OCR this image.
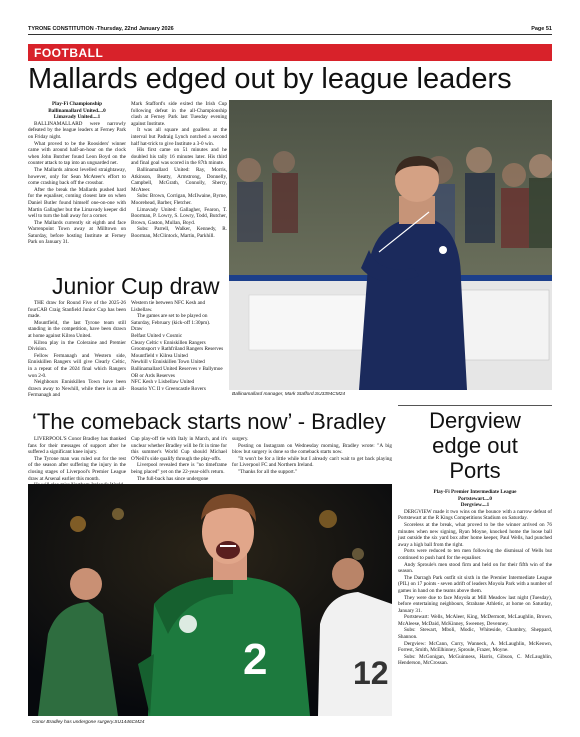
TYRONE CONSTITUTION -Thursday, 22nd January 2026	Page 51
FOOTBALL
Mallards edged out by league leaders

Play-Fi Championship

Ballinamallard United....0

Limavady United....1

BALLINAMALLARD were narrowly defeated by the league leaders at Ferney Park on Friday night.

What proved to be the Roosiders' winner came with around half-an-hour on the clock when John Butcher found Leon Boyd on the counter attack to tap into an unguarded net.

The Mallards almost levelled straightaway, however, only for Sean McAteer's effort to come crashing back off the crossbar.

After the break the Mallards pushed hard for the equaliser, coming closest late on when Daniel Butler found himself one-on-one with Martin Gallagher but the Limavady keeper did well to turn the ball away for a corner.

The Mallards currently sit eighth and face Warrenpoint Town away at Milltown on Saturday, before hosting Institute at Ferney Park on January 31.

Mark Stafford's side exited the Irish Cup following defeat in the all-Championship clash at Ferney Park last Tuesday evening against Institute.

It was all square and goalless at the interval but Padraig Lynch notched a second half hat-trick to give Institute a 3-0 win.

His first came on 51 minutes and he doubled his tally 16 minutes later. His third and final goal was scored in the 87th minute.

Ballinamallard United: Ray, Morris, Atkinson, Beatty, Armstrong, Donnelly, Campbell, McGrath, Connolly, Sherry, McAteer.

Subs: Brown, Corrigan, McIlwaine, Byrne, Moorehead, Barber, Fletcher.

Limavady United: Gallagher, Fearon, T. Boorman, P. Lowry, S. Lowry, Todd, Butcher, Brown, Gaston, Mullan, Boyd.

Subs: Parrell, Walker, Kennedy, R. Boorman, McClintock, Martin, Parkhill.

Ballinamallard manager, Mark Stafford.SU3394CM24
Junior Cup draw

THE draw for Round Five of the 2025-26 fourCAB Craig Stanfield Junior Cup has been made.

Mountfield, the last Tyrone team still standing in the competition, have been drawn at home against Kilrea United.

Kilrea play in the Coleraine and Premier Division.

Fellow Fermanagh and Western side, Enniskillen Rangers will give Clearly Celtic, in a repeat of the 2024 final which Rangers won 2-0.

Neighbours Enniskillen Town have been drawn away to Newhill, while there is an all-Fermanagh and

Western tie between NFC Kesh and Lisbellaw.

The games are set to be played on Saturday, February (kick-off 1:30pm).

Draw

Belfast United v Cosmic

Cleary Celtic v Enniskillen Rangers

Groomsport v Rathfriland Rangers Reserves

Mountfield v Kilrea United

Newhill v Enniskillen Town United

Ballinamallard United Reserves v Ballymoe OB or Ards Reserves

NFC Kesh v Lisbellaw United

Rosario YC II v Greencastle Rovers

‘The comeback starts now’ - Bradley

LIVERPOOL'S Conor Bradley has thanked fans for their messages of support after he suffered a significant knee injury.

The Tyrone man was ruled out for the rest of the season after suffering the injury in the closing stages of Liverpool's Premier League draw at Arsenal earlier this month.

Cup play-off tie with Italy in March, and it's unclear whether Bradley will be fit in time for this summer's World Cup should Michael O'Neill's side qualify through the play-offs.

Liverpool revealed there is "no timeframe being placed" yet on the 22-year-old's return.

The full-back has since undergone

surgery.

Posting on Instagram on Wednesday morning, Bradley wrote: "A big blow but surgery is done so the comeback starts now.

"It won't be for a little while but I already can't wait to get back playing for Liverpool FC and Northern Ireland.

"Thanks for all the support."

12
2
Conor Bradley has undergone surgery.SU1446CM24
Dergview
edge out
Ports

Play-Fi Premier Intermediate League

Portstewart....0

Dergview....1

DERGVIEW made it two wins on the bounce with a narrow defeat of Portstewart at the R Kings Competitions Stadium on Saturday.

Scoreless at the break, what proved to be the winner arrived on 76 minutes when new signing, Ryan Moyne, knocked home the loose ball just outside the six yard box after home keeper, Paul Wells, had punched away a high ball from the right.

Ports were reduced to ten men following the dismissal of Wells but continued to push hard for the equaliser.

Andy Sproule's men stood firm and held on for their fifth win of the season.

The Darragh Park outfit sit sixth in the Premier Intermediate League (PIL) on 17 points - seven adrift of leaders Moyola Park with a number of games in hand on the teams above them.

They were due to face Moyola at Mill Meadow last night (Tuesday), before entertaining neighbours, Strabane Athletic, at home on Saturday, January 31.

Portstewart: Wells, McAleer, King, McDermott, McLaughlin, Brown, McAleese, McDaid, McKinney, Sweeney, Devenney.

Subs: Stewart, Mboli, Modic, Whiteside, Chambry, Sheppard, Shannon.

Dergview: McCann, Curry, Wanneck, A. McLaughlin, McKeown, Forrest, Smith, McElhinney, Sproule, Frazer, Moyne.

Subs: McGonigan, McGuinness, Harris, Gibson, C. McLaughlin, Henderson, McCrossan.
